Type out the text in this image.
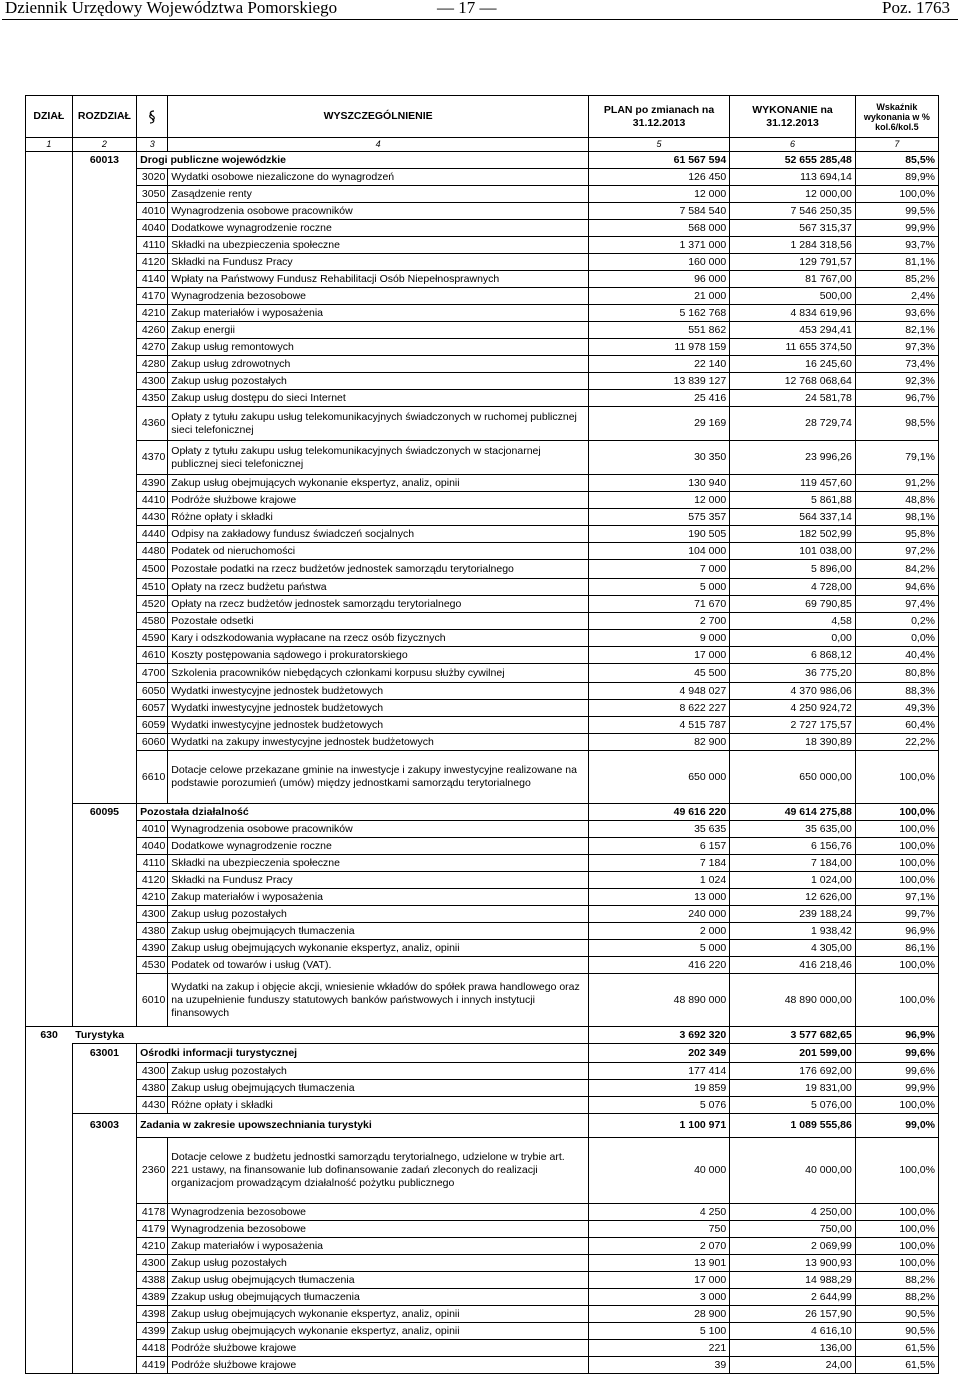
Dziennik Urzędowy Województwa Pomorskiego	— 17 —	Poz. 1763
DZIAŁ	ROZDZIAŁ		WYSZCZEGÓLNIENIE	PLAN po zmianach na 31.12.2013	WYKONANIE na 31.12.2013	Wskaźnik wykonania w % kol.6/kol.5
1	2	3	4	5	6	7
	60013	Drogi publiczne wojewódzkie		61 567 594	52 655 285,48	85,5%
		3020	Wydatki osobowe niezaliczone do wynagrodzeń	126 450	113 694,14	89,9%
		3050	Zasądzenie renty	12 000	12 000,00	100,0%
		4010	Wynagrodzenia osobowe pracowników	7 584 540	7 546 250,35	99,5%
		4040	Dodatkowe wynagrodzenie roczne	568 000	567 315,37	99,9%
		4110	Składki na ubezpieczenia społeczne	1 371 000	1 284 318,56	93,7%
		4120	Składki na Fundusz Pracy	160 000	129 791,57	81,1%
		4140	Wpłaty na Państwowy Fundusz Rehabilitacji Osób Niepełnosprawnych	96 000	81 767,00	85,2%
		4170	Wynagrodzenia bezosobowe	21 000	500,00	2,4%
		4210	Zakup materiałów i wyposażenia	5 162 768	4 834 619,96	93,6%
		4260	Zakup energii	551 862	453 294,41	82,1%
		4270	Zakup usług remontowych	11 978 159	11 655 374,50	97,3%
		4280	Zakup usług zdrowotnych	22 140	16 245,60	73,4%
		4300	Zakup usług pozostałych	13 839 127	12 768 068,64	92,3%
		4350	Zakup usług dostępu do sieci Internet	25 416	24 581,78	96,7%
		4360	Opłaty z tytułu zakupu usług telekomunikacyjnych świadczonych w ruchomej publicznej sieci telefonicznej	29 169	28 729,74	98,5%
		4370	Opłaty z tytułu zakupu usług telekomunikacyjnych świadczonych w stacjonarnej publicznej sieci telefonicznej	30 350	23 996,26	79,1%
		4390	Zakup usług obejmujących wykonanie ekspertyz, analiz, opinii	130 940	119 457,60	91,2%
		4410	Podróże służbowe krajowe	12 000	5 861,88	48,8%
		4430	Różne opłaty i składki	575 357	564 337,14	98,1%
		4440	Odpisy na zakładowy fundusz świadczeń socjalnych	190 505	182 502,99	95,8%
		4480	Podatek od nieruchomości	104 000	101 038,00	97,2%
		4500	Pozostałe podatki na rzecz budżetów jednostek samorządu terytorialnego	7 000	5 896,00	84,2%
		4510	Opłaty na rzecz budżetu państwa	5 000	4 728,00	94,6%
		4520	Opłaty na rzecz budżetów jednostek samorządu terytorialnego	71 670	69 790,85	97,4%
		4580	Pozostałe odsetki	2 700	4,58	0,2%
		4590	Kary i odszkodowania wypłacane na rzecz osób fizycznych	9 000	0,00	0,0%
		4610	Koszty postępowania sądowego i prokuratorskiego	17 000	6 868,12	40,4%
		4700	Szkolenia pracowników niebędących członkami korpusu służby cywilnej	45 500	36 775,20	80,8%
		6050	Wydatki inwestycyjne jednostek budżetowych	4 948 027	4 370 986,06	88,3%
		6057	Wydatki inwestycyjne jednostek budżetowych	8 622 227	4 250 924,72	49,3%
		6059	Wydatki inwestycyjne jednostek budżetowych	4 515 787	2 727 175,57	60,4%
		6060	Wydatki na zakupy inwestycyjne jednostek budżetowych	82 900	18 390,89	22,2%
		6610	Dotacje celowe przekazane gminie na inwestycje i zakupy inwestycyjne realizowane na podstawie porozumień (umów) między jednostkami samorządu terytorialnego	650 000	650 000,00	100,0%
	60095	Pozostała działalność		49 616 220	49 614 275,88	100,0%
		4010	Wynagrodzenia osobowe pracowników	35 635	35 635,00	100,0%
		4040	Dodatkowe wynagrodzenie roczne	6 157	6 156,76	100,0%
		4110	Składki na ubezpieczenia społeczne	7 184	7 184,00	100,0%
		4120	Składki na Fundusz Pracy	1 024	1 024,00	100,0%
		4210	Zakup materiałów i wyposażenia	13 000	12 626,00	97,1%
		4300	Zakup usług pozostałych	240 000	239 188,24	99,7%
		4380	Zakup usług obejmujących tłumaczenia	2 000	1 938,42	96,9%
		4390	Zakup usług obejmujących wykonanie ekspertyz, analiz, opinii	5 000	4 305,00	86,1%
		4530	Podatek od towarów i usług (VAT).	416 220	416 218,46	100,0%
		6010	Wydatki na zakup i objęcie akcji, wniesienie wkładów do spółek prawa handlowego oraz na uzupełnienie funduszy statutowych banków państwowych i innych instytucji finansowych	48 890 000	48 890 000,00	100,0%
630	Turystyka			3 692 320	3 577 682,65	96,9%
	63001	Ośrodki informacji turystycznej		202 349	201 599,00	99,6%
		4300	Zakup usług pozostałych	177 414	176 692,00	99,6%
		4380	Zakup usług obejmujących tłumaczenia	19 859	19 831,00	99,9%
		4430	Różne opłaty i składki	5 076	5 076,00	100,0%
	63003	Zadania w zakresie upowszechniania turystyki		1 100 971	1 089 555,86	99,0%
		2360	Dotacje celowe z budżetu jednostki samorządu terytorialnego, udzielone w trybie art. 221 ustawy, na finansowanie lub dofinansowanie zadań zleconych do realizacji organizacjom prowadzącym działalność pożytku publicznego	40 000	40 000,00	100,0%
		4178	Wynagrodzenia bezosobowe	4 250	4 250,00	100,0%
		4179	Wynagrodzenia bezosobowe	750	750,00	100,0%
		4210	Zakup materiałów i wyposażenia	2 070	2 069,99	100,0%
		4300	Zakup usług pozostałych	13 901	13 900,93	100,0%
		4388	Zakup usług obejmujących tłumaczenia	17 000	14 988,29	88,2%
		4389	Zzakup usług obejmujących tłumaczenia	3 000	2 644,99	88,2%
		4398	Zakup usług obejmujących wykonanie ekspertyz, analiz, opinii	28 900	26 157,90	90,5%
		4399	Zakup usług obejmujących wykonanie ekspertyz, analiz, opinii	5 100	4 616,10	90,5%
		4418	Podróże służbowe krajowe	221	136,00	61,5%
		4419	Podróże służbowe krajowe	39	24,00	61,5%
